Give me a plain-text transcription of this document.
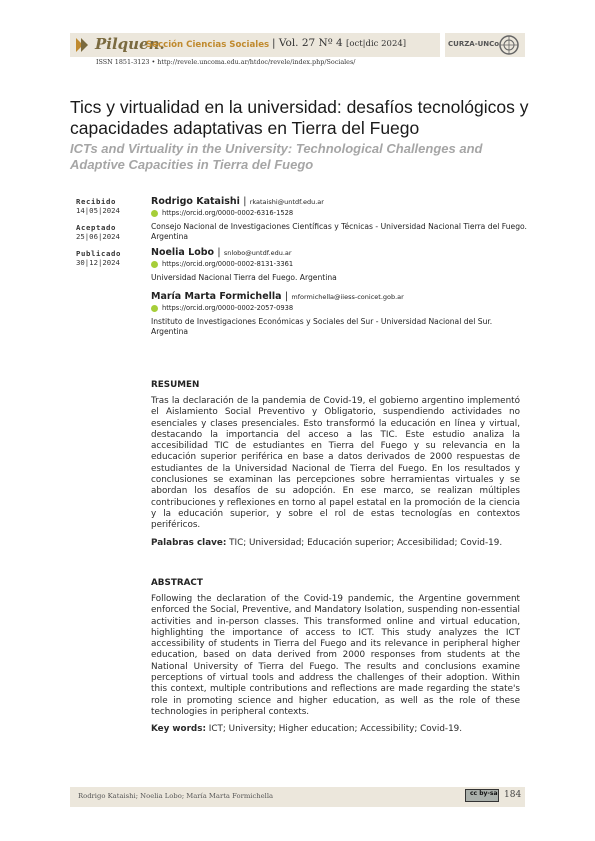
Pilquen.
Sección Ciencias Sociales | Vol. 27 Nº 4 [oct|dic 2024]	CURZA-UNCo
ISSN 1851-3123 • http://revele.uncoma.edu.ar/htdoc/revele/index.php/Sociales/
Tics y virtualidad en la universidad: desafíos tecnológicos y capacidades adaptativas en Tierra del Fuego
ICTs and Virtuality in the University: Technological Challenges and Adaptive Capacities in Tierra del Fuego
Recibido
14|05|2024
Aceptado
25|06|2024
Publicado
30|12|2024
Rodrigo Kataishi | rkataishi@untdf.edu.ar
https://orcid.org/0000-0002-6316-1528
Consejo Nacional de Investigaciones Científicas y Técnicas - Universidad Nacional Tierra del Fuego. Argentina
Noelia Lobo | snlobo@untdf.edu.ar
https://orcid.org/0000-0002-8131-3361
Universidad Nacional Tierra del Fuego. Argentina
María Marta Formichella | mformichella@iiess-conicet.gob.ar
https://orcid.org/0000-0002-2057-0938
Instituto de Investigaciones Económicas y Sociales del Sur - Universidad Nacional del Sur. Argentina
RESUMEN
Tras la declaración de la pandemia de Covid-19, el gobierno argentino implementó el Aislamiento Social Preventivo y Obligatorio, suspendiendo actividades no esenciales y clases presenciales. Esto transformó la educación en línea y virtual, destacando la importancia del acceso a las TIC. Este estudio analiza la accesibilidad TIC de estudiantes en Tierra del Fuego y su relevancia en la educación superior periférica en base a datos derivados de 2000 respuestas de estudiantes de la Universidad Nacional de Tierra del Fuego. En los resultados y conclusiones se examinan las percepciones sobre herramientas virtuales y se abordan los desafíos de su adopción. En ese marco, se realizan múltiples contribuciones y reflexiones en torno al papel estatal en la promoción de la ciencia y la educación superior, y sobre el rol de estas tecnologías en contextos periféricos.
Palabras clave: TIC; Universidad; Educación superior; Accesibilidad; Covid-19.
ABSTRACT
Following the declaration of the Covid-19 pandemic, the Argentine government enforced the Social, Preventive, and Mandatory Isolation, suspending non-essential activities and in-person classes. This transformed online and virtual education, highlighting the importance of access to ICT. This study analyzes the ICT accessibility of students in Tierra del Fuego and its relevance in peripheral higher education, based on data derived from 2000 responses from students at the National University of Tierra del Fuego. The results and conclusions examine perceptions of virtual tools and address the challenges of their adoption. Within this context, multiple contributions and reflections are made regarding the state's role in promoting science and higher education, as well as the role of these technologies in peripheral contexts.
Key words: ICT; University; Higher education; Accessibility; Covid-19.
Rodrigo Kataishi; Noelia Lobo; María Marta Formichella	cc by-sa 184
